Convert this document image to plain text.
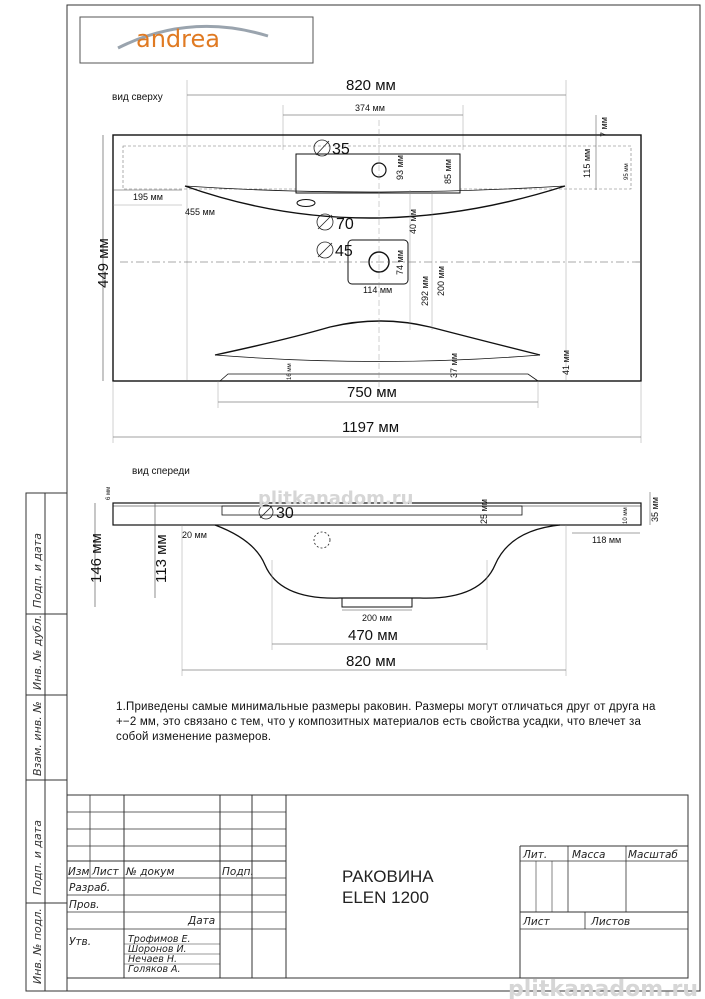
andrea
вид сверху
820 мм
374 мм
35
45
70
449 мм
195 мм
455 мм
93 мм	85 мм
40 мм
74 мм
114 мм	292 мм 200 мм
115 мм	95 мм
7 мм
41 мм
37 мм
16 мм
750 мм
1197 мм
вид спереди
30
6 мм
25 мм	10 мм 35 мм
20 мм	118 мм
146 мм	113 мм
200 мм
470 мм
820 мм
Подп. и дата
Инв. № дубл.
Взам. инв. №
Подп. и дата
Инв. № подл.
Изм Лист № докум	Подп.
Дата
Разраб.
Пров.
Утв.	Трофимов Е.
Шоронов И.
Нечаев Н.
Голяков А.
РАКОВИНА
ELEN 1200
Лит. Масса Масштаб
Лист	Листов
plitkanadom.ru
plitkanadom.ru
1.Приведены самые минимальные размеры раковин. Размеры могут отличаться друг от друга на +−2 мм, это связано с тем, что у композитных материалов есть свойства усадки, что влечет за собой изменение размеров.
